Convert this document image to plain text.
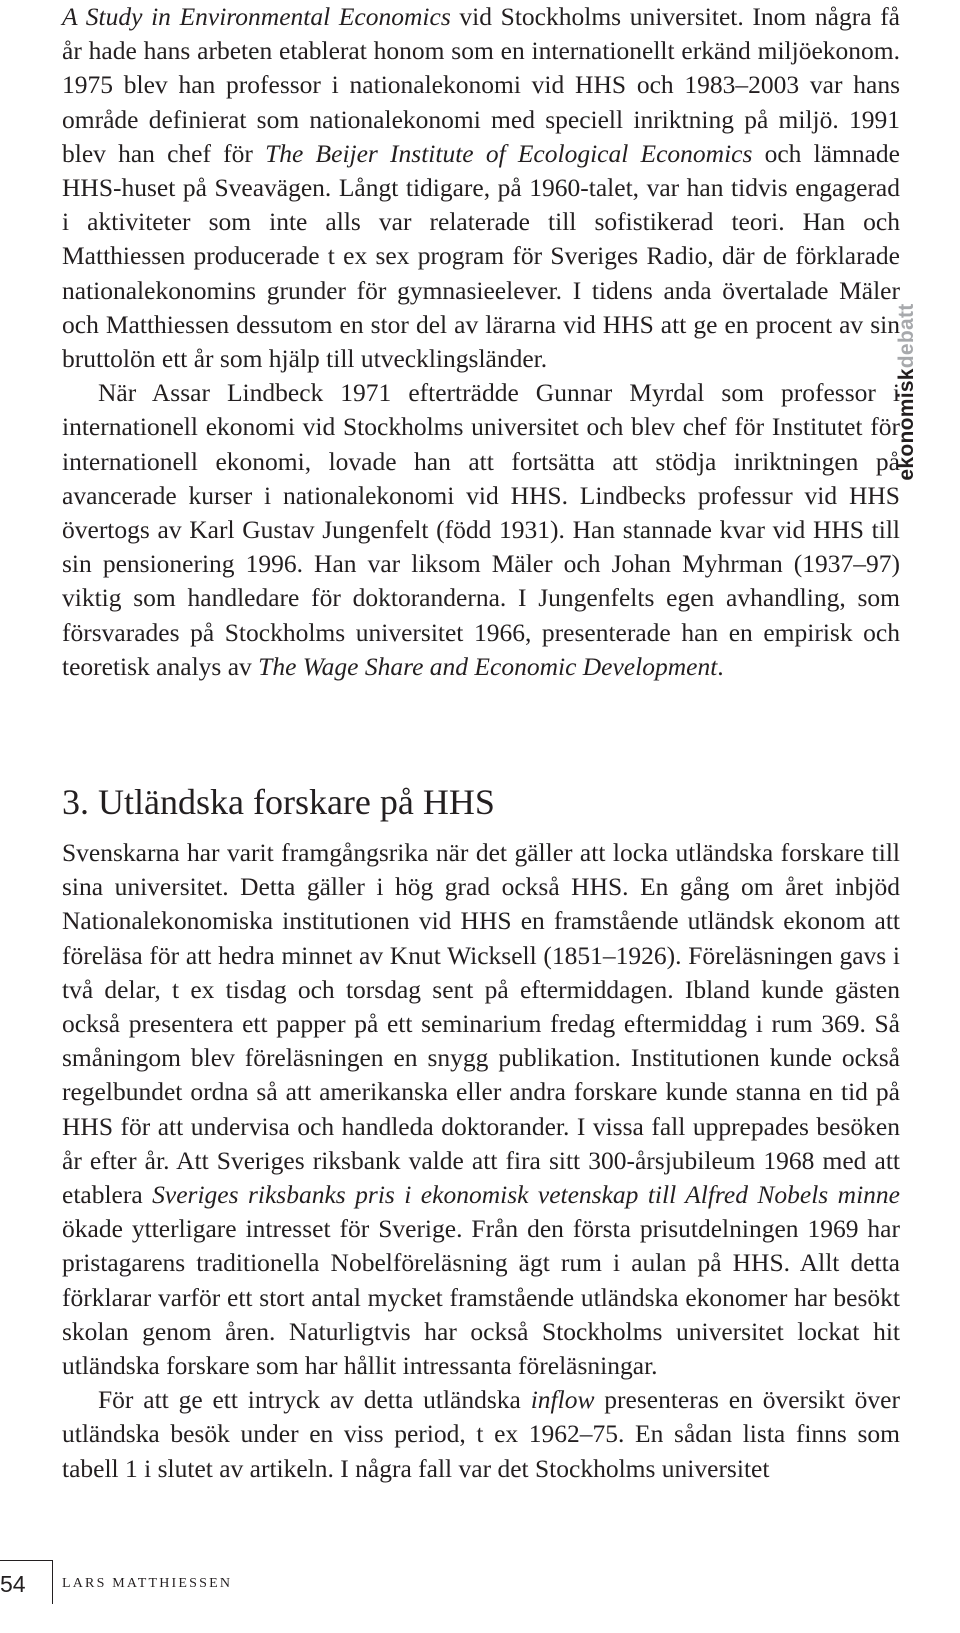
A Study in Environmental Economics vid Stockholms universitet. Inom några få år hade hans arbeten etablerat honom som en internationellt erkänd miljöekonom. 1975 blev han professor i nationalekonomi vid HHS och 1983–2003 var hans område definierat som nationalekonomi med speciell inriktning på miljö. 1991 blev han chef för The Beijer Institute of Ecological Economics och lämnade HHS-huset på Sveavägen. Långt tidigare, på 1960-talet, var han tidvis engagerad i aktiviteter som inte alls var relaterade till sofistikerad teori. Han och Matthiessen producerade t ex sex program för Sveriges Radio, där de förklarade nationalekonomins grunder för gymnasieelever. I tidens anda övertalade Mäler och Matthiessen dessutom en stor del av lärarna vid HHS att ge en procent av sin bruttolön ett år som hjälp till utvecklingsländer.

När Assar Lindbeck 1971 efterträdde Gunnar Myrdal som professor i internationell ekonomi vid Stockholms universitet och blev chef för Institutet för internationell ekonomi, lovade han att fortsätta att stödja inriktningen på avancerade kurser i nationalekonomi vid HHS. Lindbecks professur vid HHS övertogs av Karl Gustav Jungenfelt (född 1931). Han stannade kvar vid HHS till sin pensionering 1996. Han var liksom Mäler och Johan Myhrman (1937–97) viktig som handledare för doktoranderna. I Jungenfelts egen avhandling, som försvarades på Stockholms universitet 1966, presenterade han en empirisk och teoretisk analys av The Wage Share and Economic Development.

3. Utländska forskare på HHS

Svenskarna har varit framgångsrika när det gäller att locka utländska forskare till sina universitet. Detta gäller i hög grad också HHS. En gång om året inbjöd Nationalekonomiska institutionen vid HHS en framstående utländsk ekonom att föreläsa för att hedra minnet av Knut Wicksell (1851–1926). Föreläsningen gavs i två delar, t ex tisdag och torsdag sent på eftermiddagen. Ibland kunde gästen också presentera ett papper på ett seminarium fredag eftermiddag i rum 369. Så småningom blev föreläsningen en snygg publikation. Institutionen kunde också regelbundet ordna så att amerikanska eller andra forskare kunde stanna en tid på HHS för att undervisa och handleda doktorander. I vissa fall upprepades besöken år efter år. Att Sveriges riksbank valde att fira sitt 300-årsjubileum 1968 med att etablera Sveriges riksbanks pris i ekonomisk vetenskap till Alfred Nobels minne ökade ytterligare intresset för Sverige. Från den första prisutdelningen 1969 har pristagarens traditionella Nobelföreläsning ägt rum i aulan på HHS. Allt detta förklarar varför ett stort antal mycket framstående utländska ekonomer har besökt skolan genom åren. Naturligtvis har också Stockholms universitet lockat hit utländska forskare som har hållit intressanta föreläsningar.

För att ge ett intryck av detta utländska inflow presenteras en översikt över utländska besök under en viss period, t ex 1962–75. En sådan lista finns som tabell 1 i slutet av artikeln. I några fall var det Stockholms universitet

ekonomiskdebatt
54	LARS MATTHIESSEN
